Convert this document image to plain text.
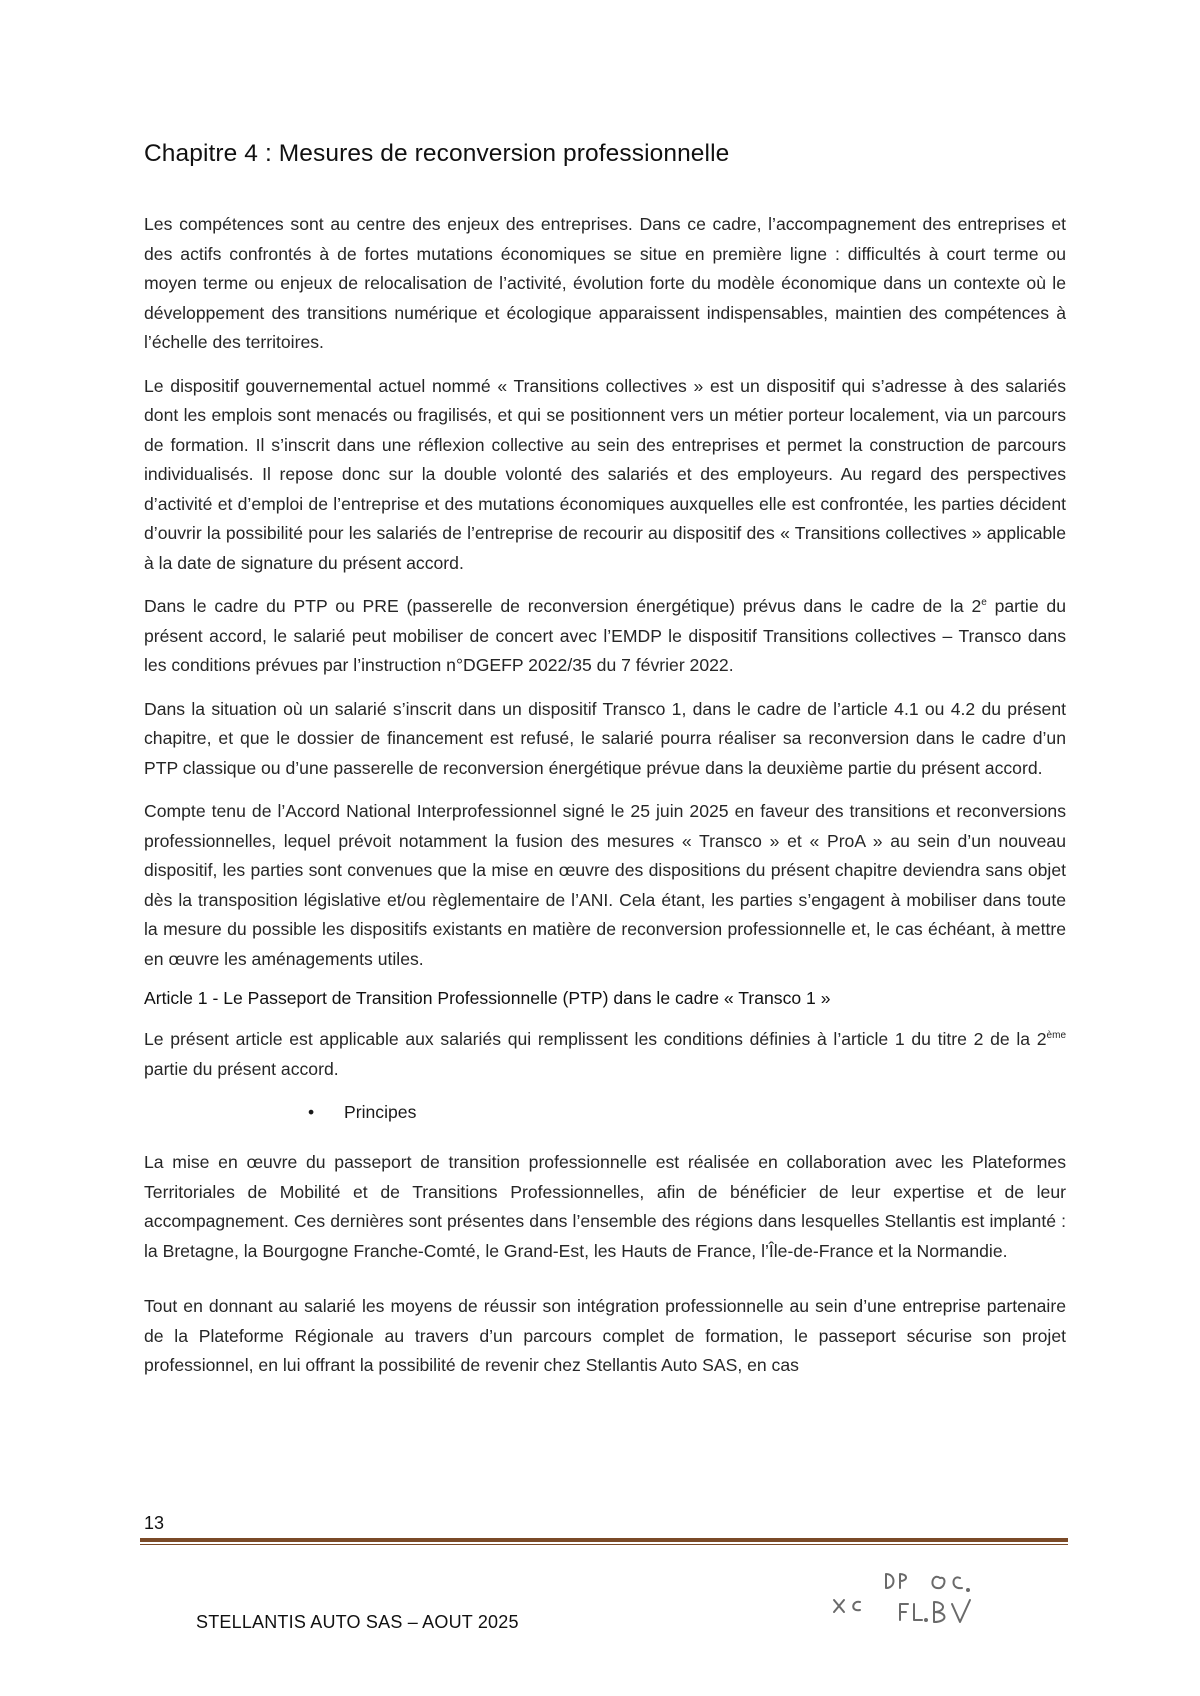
Chapitre 4 : Mesures de reconversion professionnelle

Les compétences sont au centre des enjeux des entreprises. Dans ce cadre, l’accompagnement des entreprises et des actifs confrontés à de fortes mutations économiques se situe en première ligne : difficultés à court terme ou moyen terme ou enjeux de relocalisation de l’activité, évolution forte du modèle économique dans un contexte où le développement des transitions numérique et écologique apparaissent indispensables, maintien des compétences à l’échelle des territoires.

Le dispositif gouvernemental actuel nommé « Transitions collectives » est un dispositif qui s’adresse à des salariés dont les emplois sont menacés ou fragilisés, et qui se positionnent vers un métier porteur localement, via un parcours de formation. Il s’inscrit dans une réflexion collective au sein des entreprises et permet la construction de parcours individualisés. Il repose donc sur la double volonté des salariés et des employeurs. Au regard des perspectives d’activité et d’emploi de l’entreprise et des mutations économiques auxquelles elle est confrontée, les parties décident d’ouvrir la possibilité pour les salariés de l’entreprise de recourir au dispositif des « Transitions collectives » applicable à la date de signature du présent accord.

Dans le cadre du PTP ou PRE (passerelle de reconversion énergétique) prévus dans le cadre de la 2e partie du présent accord, le salarié peut mobiliser de concert avec l’EMDP le dispositif Transitions collectives – Transco dans les conditions prévues par l’instruction n°DGEFP 2022/35 du 7 février 2022.

Dans la situation où un salarié s’inscrit dans un dispositif Transco 1, dans le cadre de l’article 4.1 ou 4.2 du présent chapitre, et que le dossier de financement est refusé, le salarié pourra réaliser sa reconversion dans le cadre d’un PTP classique ou d’une passerelle de reconversion énergétique prévue dans la deuxième partie du présent accord.

Compte tenu de l’Accord National Interprofessionnel signé le 25 juin 2025 en faveur des transitions et reconversions professionnelles, lequel prévoit notamment la fusion des mesures « Transco » et « ProA » au sein d’un nouveau dispositif, les parties sont convenues que la mise en œuvre des dispositions du présent chapitre deviendra sans objet dès la transposition législative et/ou règlementaire de l’ANI. Cela étant, les parties s’engagent à mobiliser dans toute la mesure du possible les dispositifs existants en matière de reconversion professionnelle et, le cas échéant, à mettre en œuvre les aménagements utiles.

Article 1 - Le Passeport de Transition Professionnelle (PTP) dans le cadre « Transco 1 »

Le présent article est applicable aux salariés qui remplissent les conditions définies à l’article 1 du titre 2 de la 2ème partie du présent accord.

• Principes

La mise en œuvre du passeport de transition professionnelle est réalisée en collaboration avec les Plateformes Territoriales de Mobilité et de Transitions Professionnelles, afin de bénéficier de leur expertise et de leur accompagnement. Ces dernières sont présentes dans l’ensemble des régions dans lesquelles Stellantis est implanté : la Bretagne, la Bourgogne Franche-Comté, le Grand-Est, les Hauts de France, l’Île-de-France et la Normandie.

Tout en donnant au salarié les moyens de réussir son intégration professionnelle au sein d’une entreprise partenaire de la Plateforme Régionale au travers d’un parcours complet de formation, le passeport sécurise son projet professionnel, en lui offrant la possibilité de revenir chez Stellantis Auto SAS, en cas

13
STELLANTIS AUTO SAS – AOUT 2025
